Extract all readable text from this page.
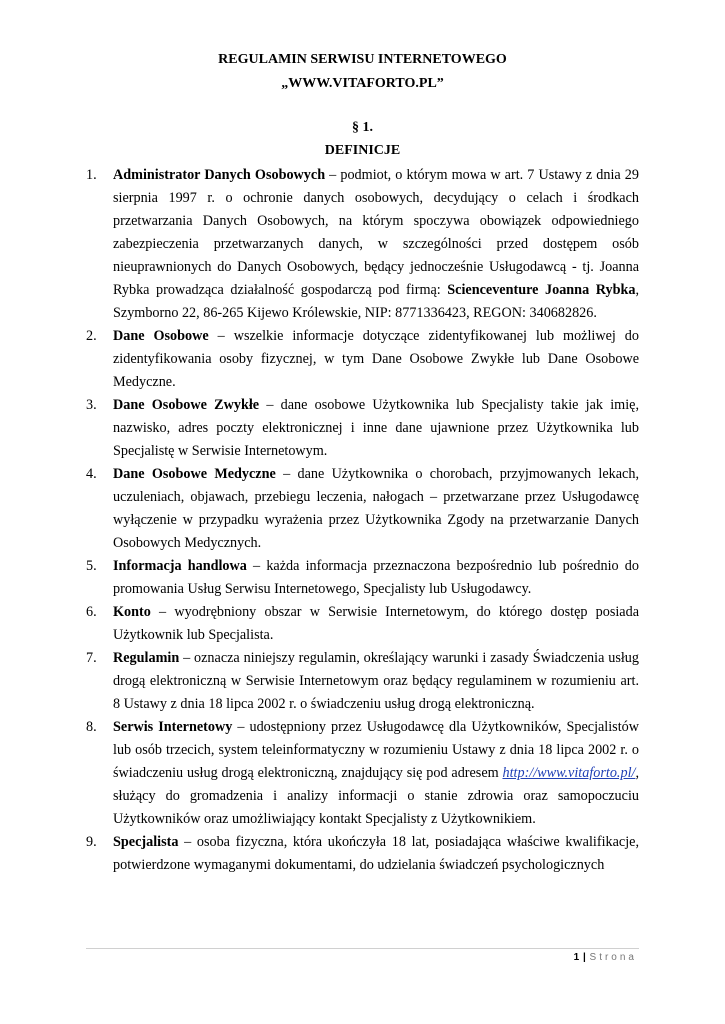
REGULAMIN SERWISU INTERNETOWEGO
„WWW.VITAFORTO.PL”
§ 1.
DEFINICJE
1.	Administrator Danych Osobowych – podmiot, o którym mowa w art. 7 Ustawy z dnia 29 sierpnia 1997 r. o ochronie danych osobowych, decydujący o celach i środkach przetwarzania Danych Osobowych, na którym spoczywa obowiązek odpowiedniego zabezpieczenia przetwarzanych danych, w szczególności przed dostępem osób nieuprawnionych do Danych Osobowych, będący jednocześnie Usługodawcą - tj. Joanna Rybka prowadząca działalność gospodarczą pod firmą: Scienceventure Joanna Rybka, Szymborno 22, 86-265 Kijewo Królewskie, NIP: 8771336423, REGON: 340682826.
2.	Dane Osobowe – wszelkie informacje dotyczące zidentyfikowanej lub możliwej do zidentyfikowania osoby fizycznej, w tym Dane Osobowe Zwykłe lub Dane Osobowe Medyczne.
3.	Dane Osobowe Zwykłe – dane osobowe Użytkownika lub Specjalisty takie jak imię, nazwisko, adres poczty elektronicznej i inne dane ujawnione przez Użytkownika lub Specjalistę w Serwisie Internetowym.
4.	Dane Osobowe Medyczne – dane Użytkownika o chorobach, przyjmowanych lekach, uczuleniach, objawach, przebiegu leczenia, nałogach – przetwarzane przez Usługodawcę wyłączenie w przypadku wyrażenia przez Użytkownika Zgody na przetwarzanie Danych Osobowych Medycznych.
5.	Informacja handlowa – każda informacja przeznaczona bezpośrednio lub pośrednio do promowania Usług Serwisu Internetowego, Specjalisty lub Usługodawcy.
6.	Konto – wyodrębniony obszar w Serwisie Internetowym, do którego dostęp posiada Użytkownik lub Specjalista.
7.	Regulamin – oznacza niniejszy regulamin, określający warunki i zasady Świadczenia usług drogą elektroniczną w Serwisie Internetowym oraz będący regulaminem w rozumieniu art. 8 Ustawy z dnia 18 lipca 2002 r. o świadczeniu usług drogą elektroniczną.
8.	Serwis Internetowy – udostępniony przez Usługodawcę dla Użytkowników, Specjalistów lub osób trzecich, system teleinformatyczny w rozumieniu Ustawy z dnia 18 lipca 2002 r. o świadczeniu usług drogą elektroniczną, znajdujący się pod adresem http://www.vitaforto.pl/, służący do gromadzenia i analizy informacji o stanie zdrowia oraz samopoczuciu Użytkowników oraz umożliwiający kontakt Specjalisty z Użytkownikiem.
9.	Specjalista – osoba fizyczna, która ukończyła 18 lat, posiadająca właściwe kwalifikacje, potwierdzone wymaganymi dokumentami, do udzielania świadczeń psychologicznych
1 | Strona
